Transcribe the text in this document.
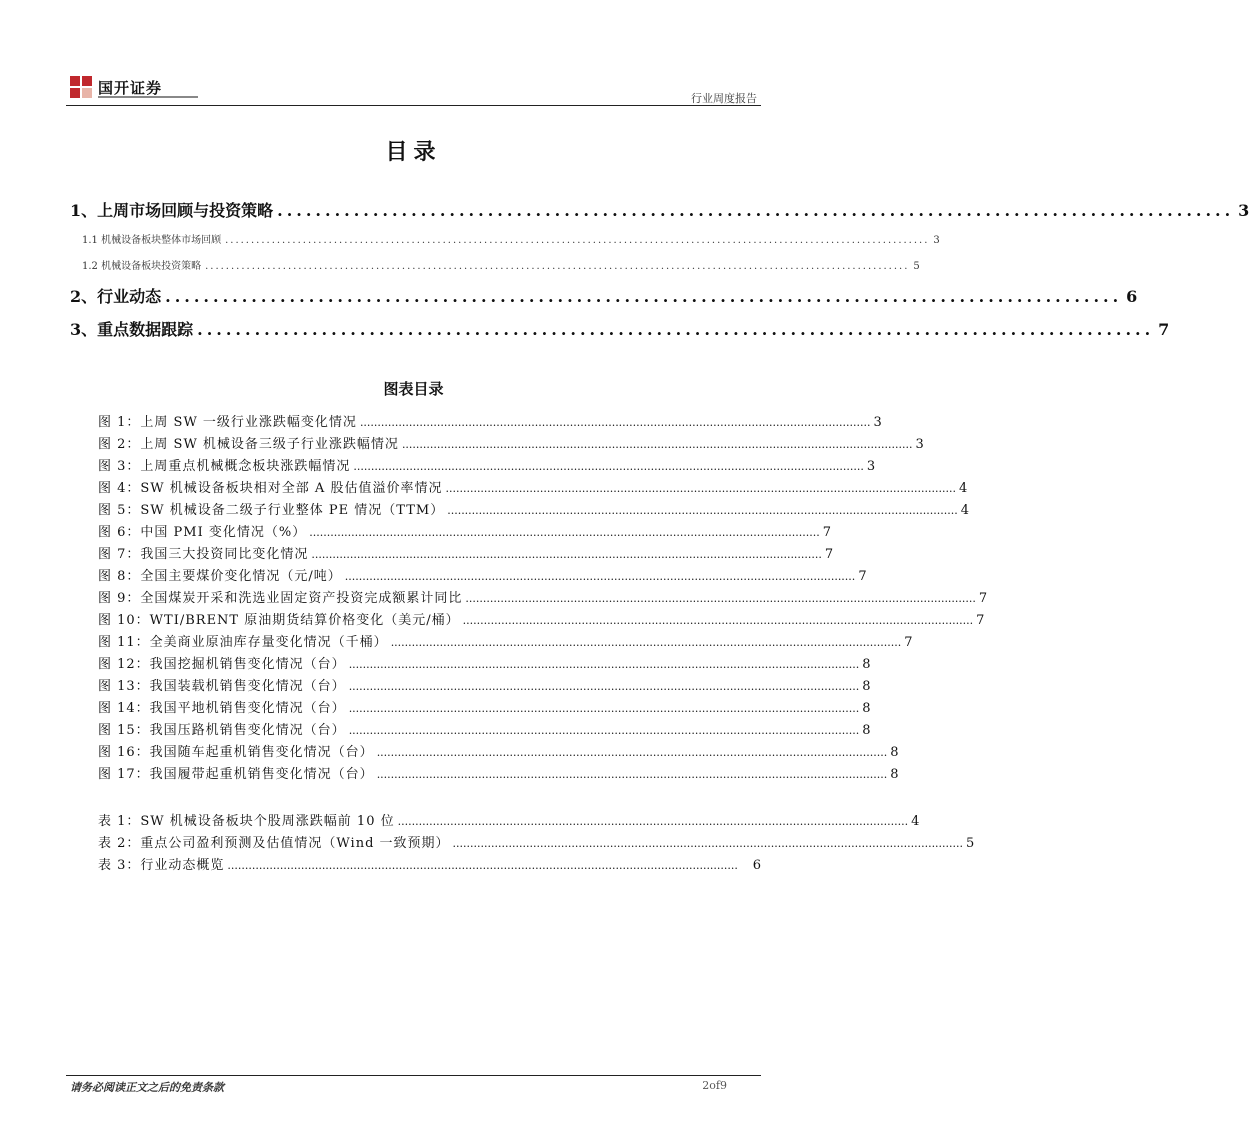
国开证券
行业周度报告
目录
1、上周市场回顾与投资策略 .................................................................................................... 3
1.1 机械设备板块整体市场回顾 ........................................................................................................................................ 3
1.2 机械设备板块投资策略 ........................................................................................................................................ 5
2、行业动态 .................................................................................................... 6
3、重点数据跟踪 .................................................................................................... 7
图表目录
图 1：上周 SW 一级行业涨跌幅变化情况 .................................................................................................................................................. 3
图 2：上周 SW 机械设备三级子行业涨跌幅情况 .................................................................................................................................................. 3
图 3：上周重点机械概念板块涨跌幅情况 .................................................................................................................................................. 3
图 4：SW 机械设备板块相对全部 A 股估值溢价率情况 .................................................................................................................................................. 4
图 5：SW 机械设备二级子行业整体 PE 情况（TTM） .................................................................................................................................................. 4
图 6：中国 PMI 变化情况（%） .................................................................................................................................................. 7
图 7：我国三大投资同比变化情况 .................................................................................................................................................. 7
图 8：全国主要煤价变化情况（元/吨） .................................................................................................................................................. 7
图 9：全国煤炭开采和洗选业固定资产投资完成额累计同比 .................................................................................................................................................. 7
图 10：WTI/BRENT 原油期货结算价格变化（美元/桶） .................................................................................................................................................. 7
图 11：全美商业原油库存量变化情况（千桶） .................................................................................................................................................. 7
图 12：我国挖掘机销售变化情况（台） .................................................................................................................................................. 8
图 13：我国装载机销售变化情况（台） .................................................................................................................................................. 8
图 14：我国平地机销售变化情况（台） .................................................................................................................................................. 8
图 15：我国压路机销售变化情况（台） .................................................................................................................................................. 8
图 16：我国随车起重机销售变化情况（台） .................................................................................................................................................. 8
图 17：我国履带起重机销售变化情况（台） .................................................................................................................................................. 8
表 1：SW 机械设备板块个股周涨跌幅前 10 位 .................................................................................................................................................. 4
表 2：重点公司盈利预测及估值情况（Wind 一致预期） .................................................................................................................................................. 5
表 3：行业动态概览 ..................................................................................................................................................	6
请务必阅读正文之后的免责条款	2of9
